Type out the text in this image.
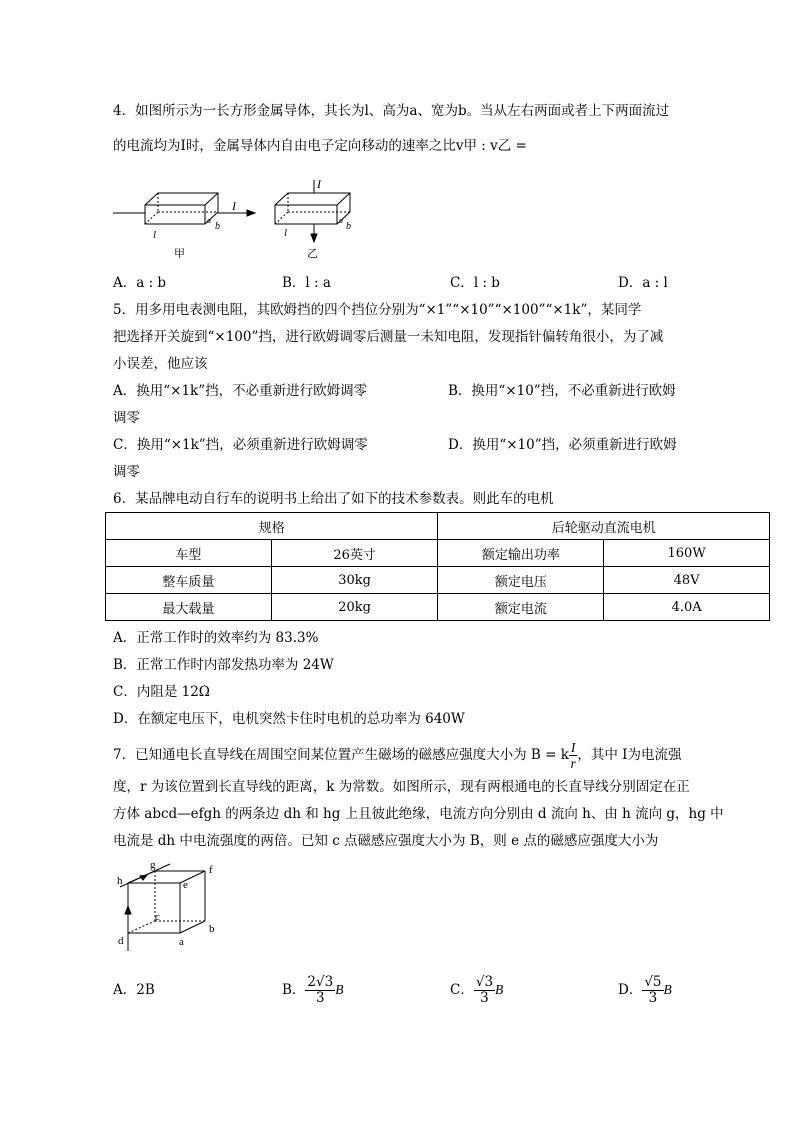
4．如图所示为一长方形金属导体，其长为l、高为a、宽为b。当从左右两面或者上下两面流过
的电流均为I时，金属导体内自由电子定向移动的速率之比v甲 : v乙 =
I
l
a
b
甲
I
l
a
b
乙
A．a : b	B．l : a	C．l : b	D．a : l
5．用多用电表测电阻，其欧姆挡的四个挡位分别为“×1”“×10”“×100”“×1k”，某同学
把选择开关旋到“×100”挡，进行欧姆调零后测量一未知电阻，发现指针偏转角很小，为了减
小误差，他应该
A．换用“×1k”挡，不必重新进行欧姆调零	B．换用“×10”挡，不必重新进行欧姆
调零
C．换用“×1k”挡，必须重新进行欧姆调零	D．换用“×10”挡，必须重新进行欧姆
调零
6．某品牌电动自行车的说明书上给出了如下的技术参数表。则此车的电机
规格		后轮驱动直流电机	
车型	26英寸	额定输出功率	160W
整车质量	30kg	额定电压	48V
最大载量	20kg	额定电流	4.0A
A．正常工作时的效率约为 83.3%
B．正常工作时内部发热功率为 24W
C．内阻是 12Ω
D．在额定电压下，电机突然卡住时电机的总功率为 640W
7．已知通电长直导线在周围空间某位置产生磁场的磁感应强度大小为 B = k $\frac{I}{r}$ ，其中 I为电流强
度，r 为该位置到长直导线的距离，k 为常数。如图所示，现有两根通电的长直导线分别固定在正
方体 abcd—efgh 的两条边 dh 和 hg 上且彼此绝缘，电流方向分别由 d 流向 h、由 h 流向 g，hg 中
电流是 dh 中电流强度的两倍。已知 c 点磁感应强度大小为 B，则 e 点的磁感应强度大小为
g
h
f
e
c
d	a
b
A．2B	B． $\frac{2√3}{3}$ B	C． $\frac{√3}{3}$ B	D． $\frac{√5}{3}$ B
